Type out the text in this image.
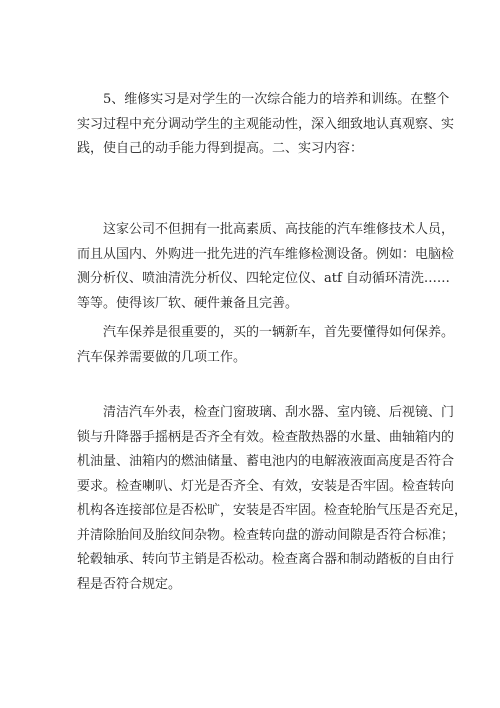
5、维修实习是对学生的一次综合能力的培养和训练。在整个
实习过程中充分调动学生的主观能动性，深入细致地认真观察、实
践，使自己的动手能力得到提高。二、实习内容：
这家公司不但拥有一批高素质、高技能的汽车维修技术人员，
而且从国内、外购进一批先进的汽车维修检测设备。例如：电脑检
测分析仪、喷油清洗分析仪、四轮定位仪、atf 自动循环清洗……
等等。使得该厂软、硬件兼备且完善。
汽车保养是很重要的，买的一辆新车，首先要懂得如何保养。
汽车保养需要做的几项工作。
清洁汽车外表，检查门窗玻璃、刮水器、室内镜、后视镜、门
锁与升降器手摇柄是否齐全有效。检查散热器的水量、曲轴箱内的
机油量、油箱内的燃油储量、蓄电池内的电解液液面高度是否符合
要求。检查喇叭、灯光是否齐全、有效，安装是否牢固。检查转向
机构各连接部位是否松旷，安装是否牢固。检查轮胎气压是否充足，
并清除胎间及胎纹间杂物。检查转向盘的游动间隙是否符合标准；
轮毂轴承、转向节主销是否松动。检查离合器和制动踏板的自由行
程是否符合规定。
